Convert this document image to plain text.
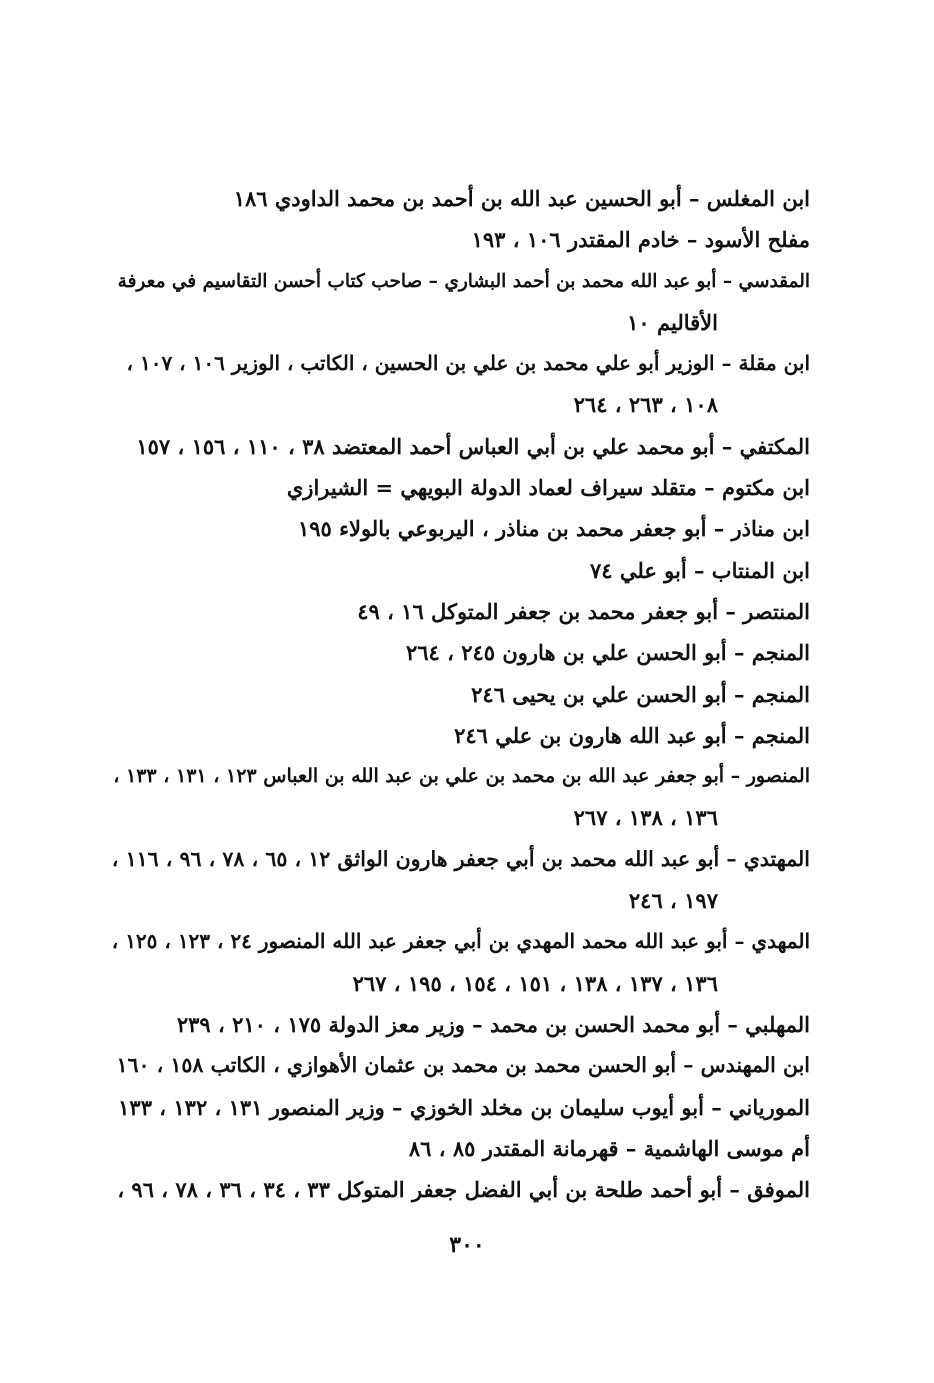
ابن المغلس – أبو الحسين عبد الله بن أحمد بن محمد الداودي ١٨٦
مفلح الأسود – خادم المقتدر ١٠٦ ، ١٩٣
المقدسي – أبو عبد الله محمد بن أحمد البشاري – صاحب كتاب أحسن التقاسيم في معرفة
الأقاليم ١٠
ابن مقلة – الوزير أبو علي محمد بن علي بن الحسين ، الكاتب ، الوزير ١٠٦ ، ١٠٧ ،
١٠٨ ، ٢٦٣ ، ٢٦٤
المكتفي – أبو محمد علي بن أبي العباس أحمد المعتضد ٣٨ ، ١١٠ ، ١٥٦ ، ١٥٧
ابن مكتوم – متقلد سيراف لعماد الدولة البويهي = الشيرازي
ابن مناذر – أبو جعفر محمد بن مناذر ، اليربوعي بالولاء ١٩٥
ابن المنتاب – أبو علي ٧٤
المنتصر – أبو جعفر محمد بن جعفر المتوكل ١٦ ، ٤٩
المنجم – أبو الحسن علي بن هارون ٢٤٥ ، ٢٦٤
المنجم – أبو الحسن علي بن يحيى ٢٤٦
المنجم – أبو عبد الله هارون بن علي ٢٤٦
المنصور – أبو جعفر عبد الله بن محمد بن علي بن عبد الله بن العباس ١٢٣ ، ١٣١ ، ١٣٣ ،
١٣٦ ، ١٣٨ ، ٢٦٧
المهتدي – أبو عبد الله محمد بن أبي جعفر هارون الواثق ١٢ ، ٦٥ ، ٧٨ ، ٩٦ ، ١١٦ ،
١٩٧ ، ٢٤٦
المهدي – أبو عبد الله محمد المهدي بن أبي جعفر عبد الله المنصور ٢٤ ، ١٢٣ ، ١٢٥ ،
١٣٦ ، ١٣٧ ، ١٣٨ ، ١٥١ ، ١٥٤ ، ١٩٥ ، ٢٦٧
المهلبي – أبو محمد الحسن بن محمد – وزير معز الدولة ١٧٥ ، ٢١٠ ، ٢٣٩
ابن المهندس – أبو الحسن محمد بن محمد بن عثمان الأهوازي ، الكاتب ١٥٨ ، ١٦٠
المورياني – أبو أيوب سليمان بن مخلد الخوزي – وزير المنصور ١٣١ ، ١٣٢ ، ١٣٣
أم موسى الهاشمية – قهرمانة المقتدر ٨٥ ، ٨٦
الموفق – أبو أحمد طلحة بن أبي الفضل جعفر المتوكل ٣٣ ، ٣٤ ، ٣٦ ، ٧٨ ، ٩٦ ،
٣٠٠
